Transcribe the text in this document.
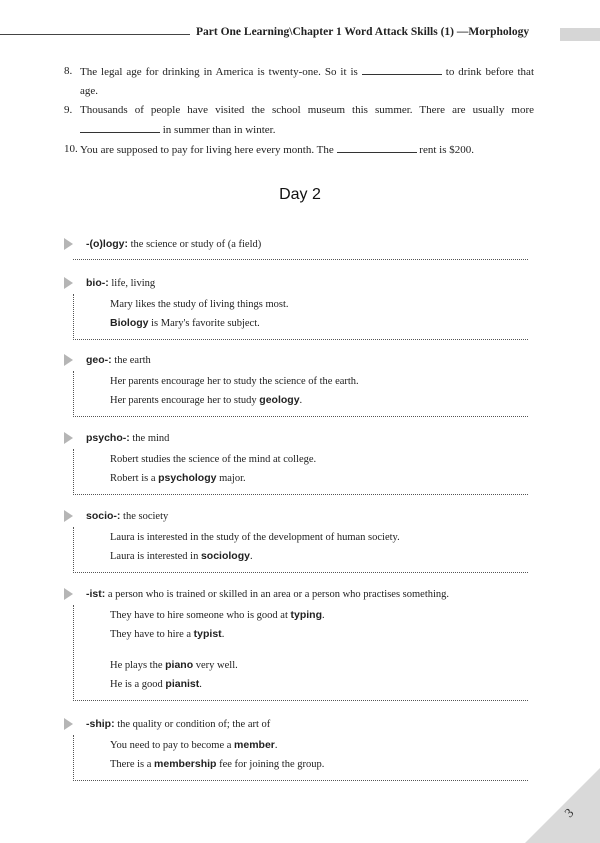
Part One Learning\Chapter 1 Word Attack Skills (1) —Morphology
8. The legal age for drinking in America is twenty-one. So it is	to drink before that age.
9. Thousands of people have visited the school museum this summer. There are usually more  in summer than in winter.
10. You are supposed to pay for living here every month. The	rent is $200.
Day 2
-(o)logy: the science or study of (a field)
bio-: life, living
Mary likes the study of living things most.
Biology is Mary's favorite subject.
geo-: the earth
Her parents encourage her to study the science of the earth.
Her parents encourage her to study geology.
psycho-: the mind
Robert studies the science of the mind at college.
Robert is a psychology major.
socio-: the society
Laura is interested in the study of the development of human society.
Laura is interested in sociology.
-ist: a person who is trained or skilled in an area or a person who practises something.
They have to hire someone who is good at typing.
They have to hire a typist.
He plays the piano very well.
He is a good pianist.
-ship: the quality or condition of; the art of
You need to pay to become a member.
There is a membership fee for joining the group.
3
